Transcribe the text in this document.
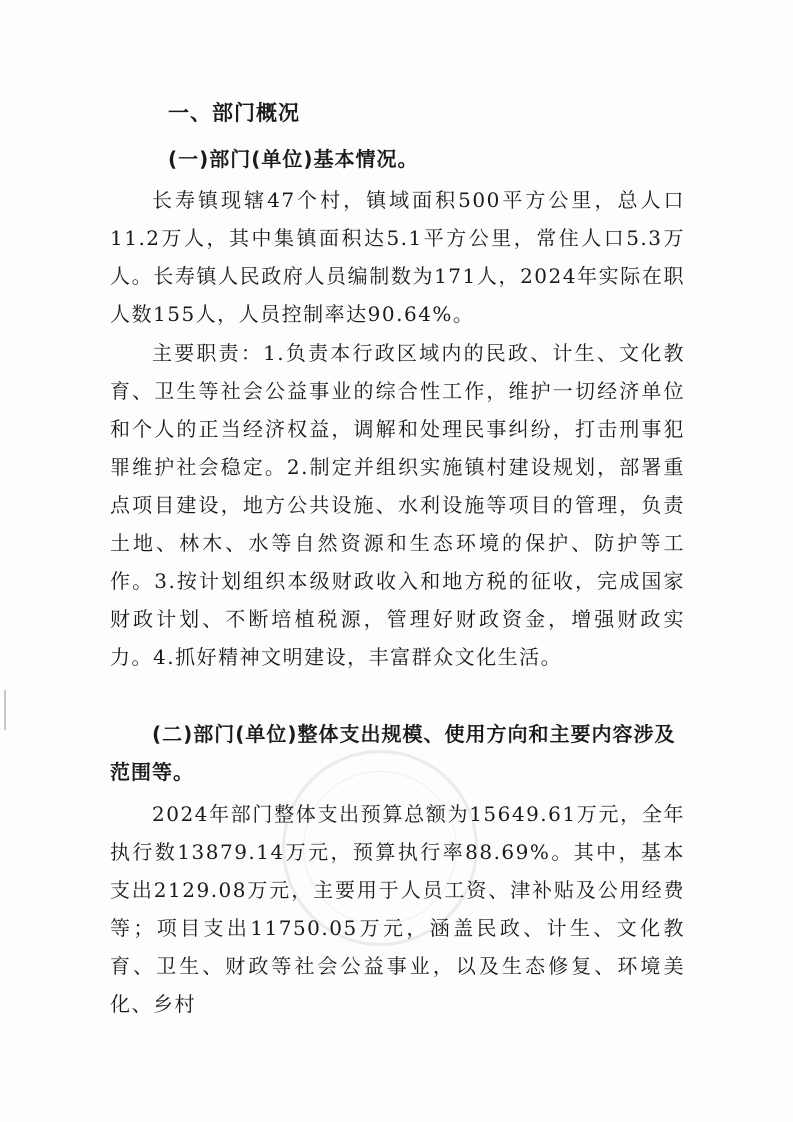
一、部门概况
(一)部门(单位)基本情况。

长寿镇现辖47个村，镇域面积500平方公里，总人口11.2万人，其中集镇面积达5.1平方公里，常住人口5.3万人。长寿镇人民政府人员编制数为171人，2024年实际在职人数155人，人员控制率达90.64%。

主要职责：1.负责本行政区域内的民政、计生、文化教育、卫生等社会公益事业的综合性工作，维护一切经济单位和个人的正当经济权益，调解和处理民事纠纷，打击刑事犯罪维护社会稳定。2.制定并组织实施镇村建设规划，部署重点项目建设，地方公共设施、水利设施等项目的管理，负责土地、林木、水等自然资源和生态环境的保护、防护等工作。3.按计划组织本级财政收入和地方税的征收，完成国家财政计划、不断培植税源，管理好财政资金，增强财政实力。4.抓好精神文明建设，丰富群众文化生活。

(二)部门(单位)整体支出规模、使用方向和主要内容涉及范围等。

2024年部门整体支出预算总额为15649.61万元，全年执行数13879.14万元，预算执行率88.69%。其中，基本支出2129.08万元，主要用于人员工资、津补贴及公用经费等；项目支出11750.05万元，涵盖民政、计生、文化教育、卫生、财政等社会公益事业，以及生态修复、环境美化、乡村
